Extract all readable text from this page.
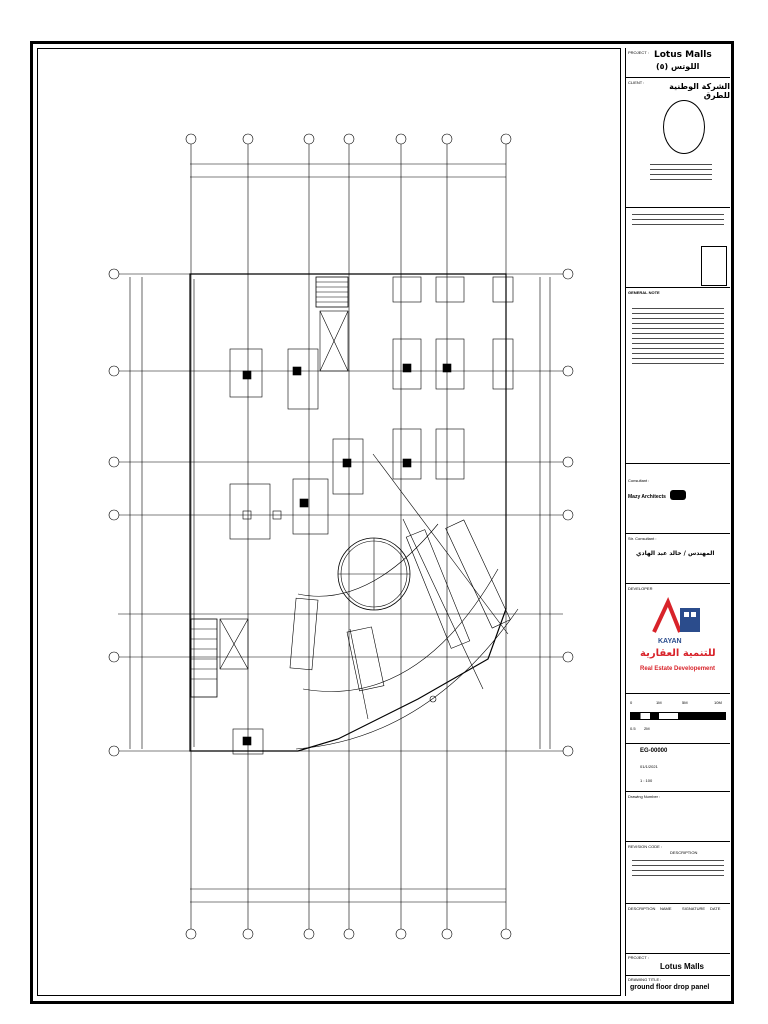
PROJECT : Lotus Malls
اللوتس (٥)
CLIENT :	الشركة الوطنية للطرق
GENERAL NOTE
Consultant :
Mazy Architects
Str. Consultant :
المهندس / خالد عبد الهادي
DEVELOPER
KAYAN
للتنمية العقارية
Real Estate Developement
0	1M	5M	10M
0.5 2M
EG-00000
01/1/2021
1 : 100
Drawing Number :
REVISION CODE :
DESCRIPTION
DESCRIPTION NAME	SIGNATURE DATE
PROJECT :
Lotus Malls
DRAWING TITLE :
ground floor drop panel
